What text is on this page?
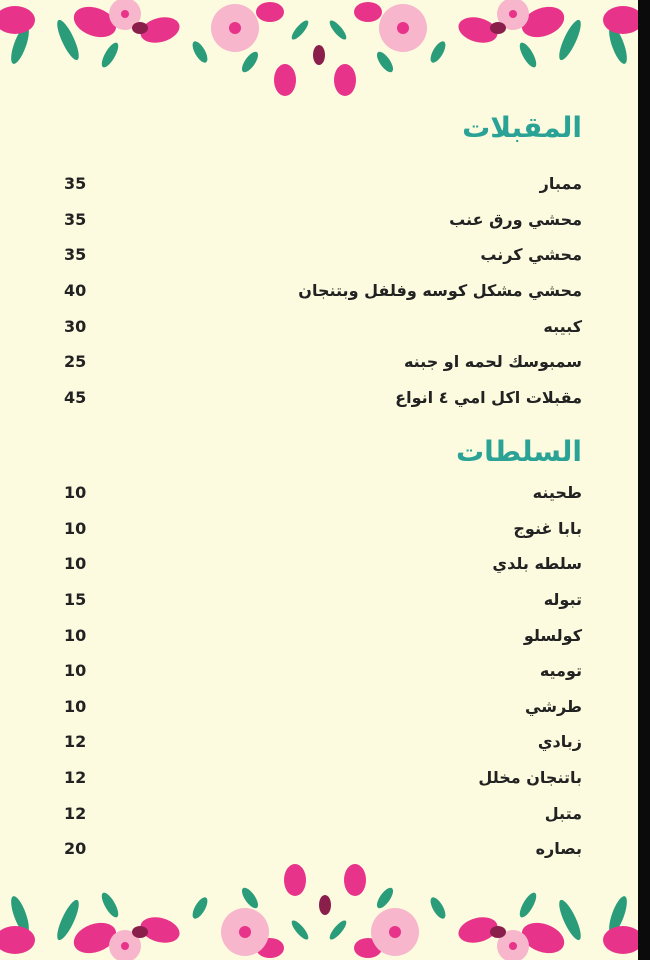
المقبلات
35	ممبار
35	محشي ورق عنب
35	محشي كرنب
40	محشي مشكل كوسه وفلفل وبتنجان
30	كبيبه
25	سمبوسك لحمه او جبنه
45	مقبلات اكل امي ٤ انواع
السلطات
10	طحينه
10	بابا غنوج
10	سلطه بلدي
15	تبوله
10	كولسلو
10	توميه
10	طرشي
12	زبادي
12	باتنجان مخلل
12	متبل
20	بصاره
